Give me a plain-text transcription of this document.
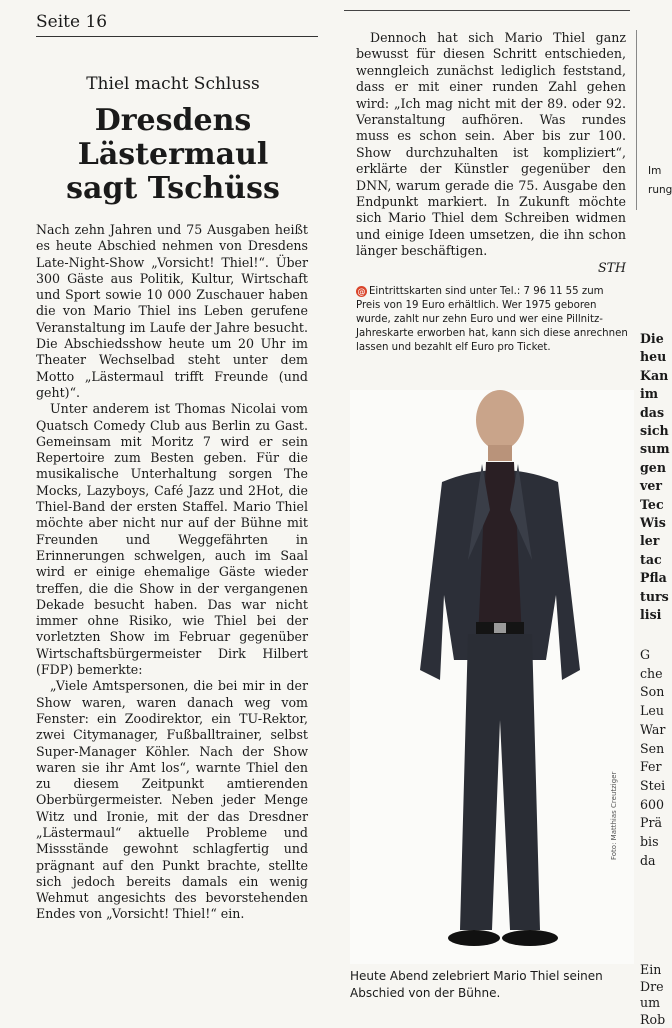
Seite 16
Thiel macht Schluss
Dresdens
Lästermaul
sagt Tschüss

Nach zehn Jahren und 75 Ausgaben heißt es heute Abschied nehmen von Dresdens Late-Night-Show „Vorsicht! Thiel!“. Über 300 Gäste aus Politik, Kultur, Wirtschaft und Sport sowie 10 000 Zuschauer haben die von Mario Thiel ins Leben gerufene Veranstaltung im Laufe der Jahre besucht. Die Abschiedsshow heute um 20 Uhr im Theater Wechselbad steht unter dem Motto „Lästermaul trifft Freunde (und geht)“.

Unter anderem ist Thomas Nicolai vom Quatsch Comedy Club aus Berlin zu Gast. Gemeinsam mit Moritz 7 wird er sein Repertoire zum Besten geben. Für die musikalische Unterhaltung sorgen The Mocks, Lazyboys, Café Jazz und 2Hot, die Thiel-Band der ersten Staffel. Mario Thiel möchte aber nicht nur auf der Bühne mit Freunden und Weggefährten in Erinnerungen schwelgen, auch im Saal wird er einige ehemalige Gäste wieder treffen, die die Show in der vergangenen Dekade besucht haben. Das war nicht immer ohne Risiko, wie Thiel bei der vorletzten Show im Februar gegenüber Wirtschaftsbürgermeister Dirk Hilbert (FDP) bemerkte:

„Viele Amtspersonen, die bei mir in der Show waren, waren danach weg vom Fenster: ein Zoodirektor, ein TU-Rektor, zwei Citymanager, Fußballtrainer, selbst Super-Manager Köhler. Nach der Show waren sie ihr Amt los“, warnte Thiel den zu diesem Zeitpunkt amtierenden Oberbürgermeister. Neben jeder Menge Witz und Ironie, mit der das Dresdner „Lästermaul“ aktuelle Probleme und Missstände gewohnt schlagfertig und prägnant auf den Punkt brachte, stellte sich jedoch bereits damals ein wenig Wehmut angesichts des bevorstehenden Endes von „Vorsicht! Thiel!“ ein.

Dennoch hat sich Mario Thiel ganz bewusst für diesen Schritt entschieden, wenngleich zunächst lediglich feststand, dass er mit einer runden Zahl gehen wird: „Ich mag nicht mit der 89. oder 92. Veranstaltung aufhören. Was rundes muss es schon sein. Aber bis zur 100. Show durchzuhalten ist kompliziert“, erklärte der Künstler gegenüber den DNN, warum gerade die 75. Ausgabe den Endpunkt markiert. In Zukunft möchte sich Mario Thiel dem Schreiben widmen und einige Ideen umsetzen, die ihn schon länger beschäftigen.

STH
@ Eintrittskarten sind unter Tel.: 7 96 11 55 zum Preis von 19 Euro erhältlich. Wer 1975 geboren wurde, zahlt nur zehn Euro und wer eine Pillnitz-Jahreskarte erworben hat, kann sich diese anrechnen lassen und bezahlt elf Euro pro Ticket.
Foto: Matthias Creutziger
Heute Abend zelebriert Mario Thiel seinen Abschied von der Bühne.
Im
rung
Die
heu
Kan
im
das
sich
sum
gen
ver
Tec
Wis
ler
tac
Pfla
turs
lisi
G
che
Son
Leu
War
Sen
Fer
Stei
600
Prä
bis
da
Ein
Dre
um
Rob
